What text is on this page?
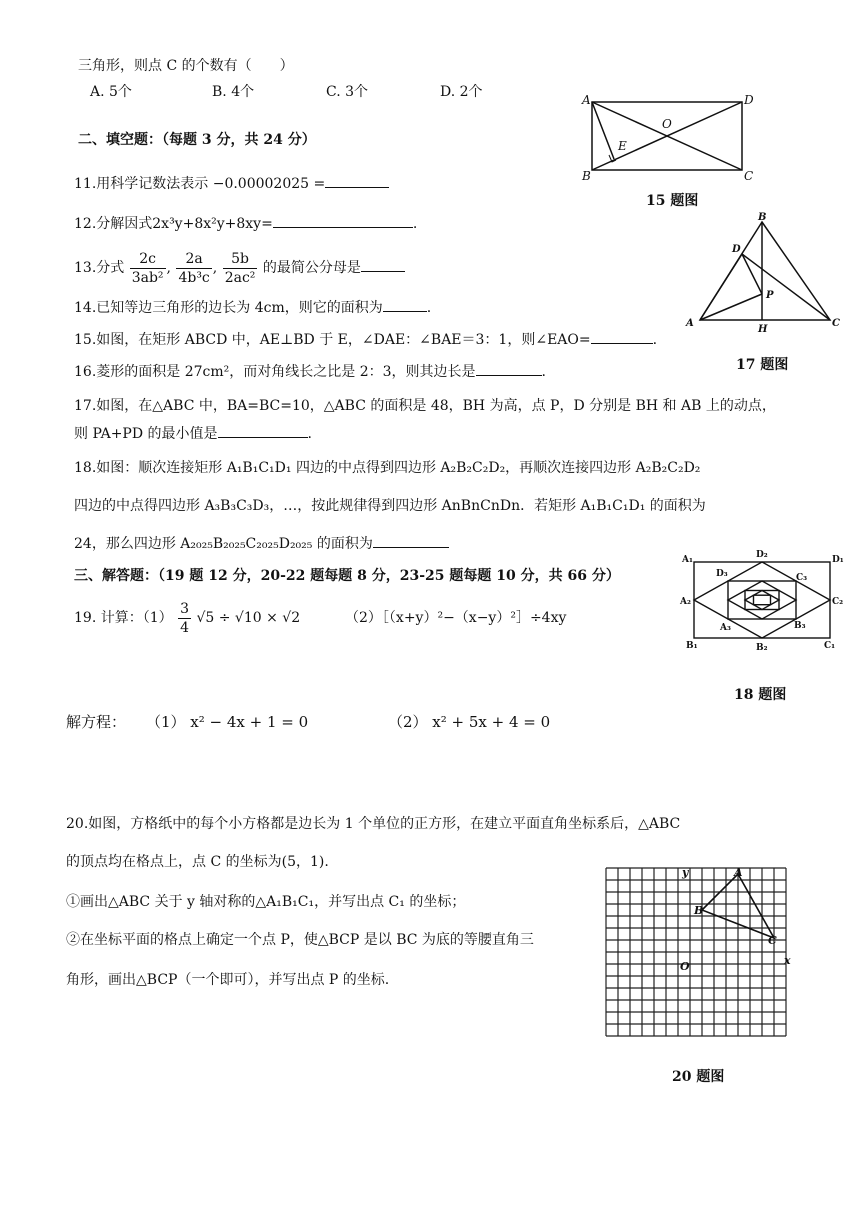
三角形，则点 C 的个数有（　　）
A. 5个	B. 4个	C. 3个	D. 2个
二、填空题：（每题 3 分，共 24 分）
11.用科学记数法表示 −0.00002025 =
12.分解因式2x³y+8x²y+8xy=	.
13.分式 $\frac{2c}{\text{3ab²}}$ , $\frac{2a}{\text{4b³c}}$ , $\frac{5b}{\text{2ac²}}$ 的最简公分母是
14.已知等边三角形的边长为 4cm，则它的面积为	.
15.如图，在矩形 ABCD 中，AE⊥BD 于 E，∠DAE：∠BAE＝3：1，则∠EAO=	.
16.菱形的面积是 27cm²，而对角线长之比是 2：3，则其边长是	.
17.如图，在△ABC 中，BA=BC=10，△ABC 的面积是 48，BH 为高，点 P，D 分别是 BH 和 AB 上的动点，
则 PA+PD 的最小值是	.
18.如图：顺次连接矩形 A₁B₁C₁D₁ 四边的中点得到四边形 A₂B₂C₂D₂，再顺次连接四边形 A₂B₂C₂D₂
四边的中点得四边形 A₃B₃C₃D₃，…，按此规律得到四边形 AnBnCnDn．若矩形 A₁B₁C₁D₁ 的面积为
24，那么四边形 A₂₀₂₅B₂₀₂₅C₂₀₂₅D₂₀₂₅ 的面积为
三、解答题：（19 题 12 分，20-22 题每题 8 分，23-25 题每题 10 分，共 66 分）
19. 计算：$(1) \frac{3}{4} √5 \div √10 \times √2$	（2）［（x+y）²−（x−y）²］÷4xy
解方程： （1） x² − 4x + 1 = 0	（2） x² + 5x + 4 = 0
20.如图，方格纸中的每个小方格都是边长为 1 个单位的正方形，在建立平面直角坐标系后，△ABC
的顶点均在格点上，点 C 的坐标为(5，1).
①画出△ABC 关于 y 轴对称的△A₁B₁C₁，并写出点 C₁ 的坐标；
②在坐标平面的格点上确定一个点 P，使△BCP 是以 BC 为底的等腰直角三
角形，画出△BCP（一个即可），并写出点 P 的坐标.
A	D
O
E
B	C
15 题图
B
D
P
A
H
C
17 题图
A₁	D₂	D₁
D₃	C₃
A₂	C₂
A₃	B₃
B₁	B₂	C₁
18 题图
y	A
B
C
O	x
20 题图
